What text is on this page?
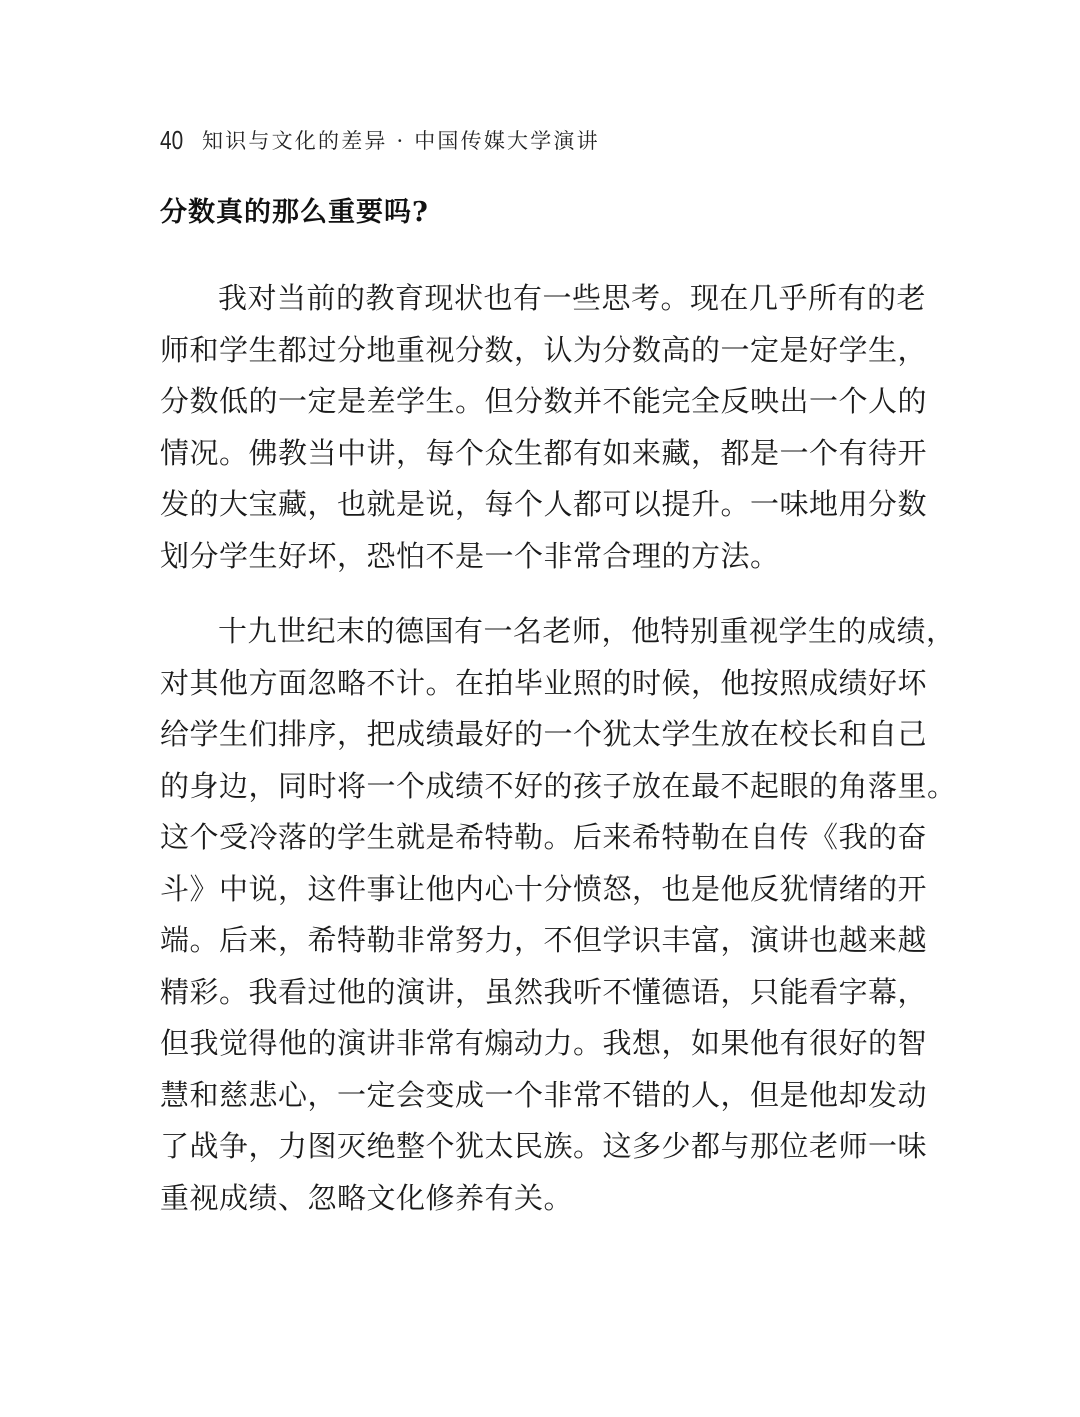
40 知识与文化的差异 · 中国传媒大学演讲
分数真的那么重要吗?
我对当前的教育现状也有一些思考。现在几乎所有的老
师和学生都过分地重视分数，认为分数高的一定是好学生，
分数低的一定是差学生。但分数并不能完全反映出一个人的
情况。佛教当中讲，每个众生都有如来藏，都是一个有待开
发的大宝藏，也就是说，每个人都可以提升。一味地用分数
划分学生好坏，恐怕不是一个非常合理的方法。
十九世纪末的德国有一名老师，他特别重视学生的成绩，
对其他方面忽略不计。在拍毕业照的时候，他按照成绩好坏
给学生们排序，把成绩最好的一个犹太学生放在校长和自己
的身边，同时将一个成绩不好的孩子放在最不起眼的角落里。
这个受冷落的学生就是希特勒。后来希特勒在自传《我的奋
斗》中说，这件事让他内心十分愤怒，也是他反犹情绪的开
端。后来，希特勒非常努力，不但学识丰富，演讲也越来越
精彩。我看过他的演讲，虽然我听不懂德语，只能看字幕，
但我觉得他的演讲非常有煽动力。我想，如果他有很好的智
慧和慈悲心，一定会变成一个非常不错的人，但是他却发动
了战争，力图灭绝整个犹太民族。这多少都与那位老师一味
重视成绩、忽略文化修养有关。
